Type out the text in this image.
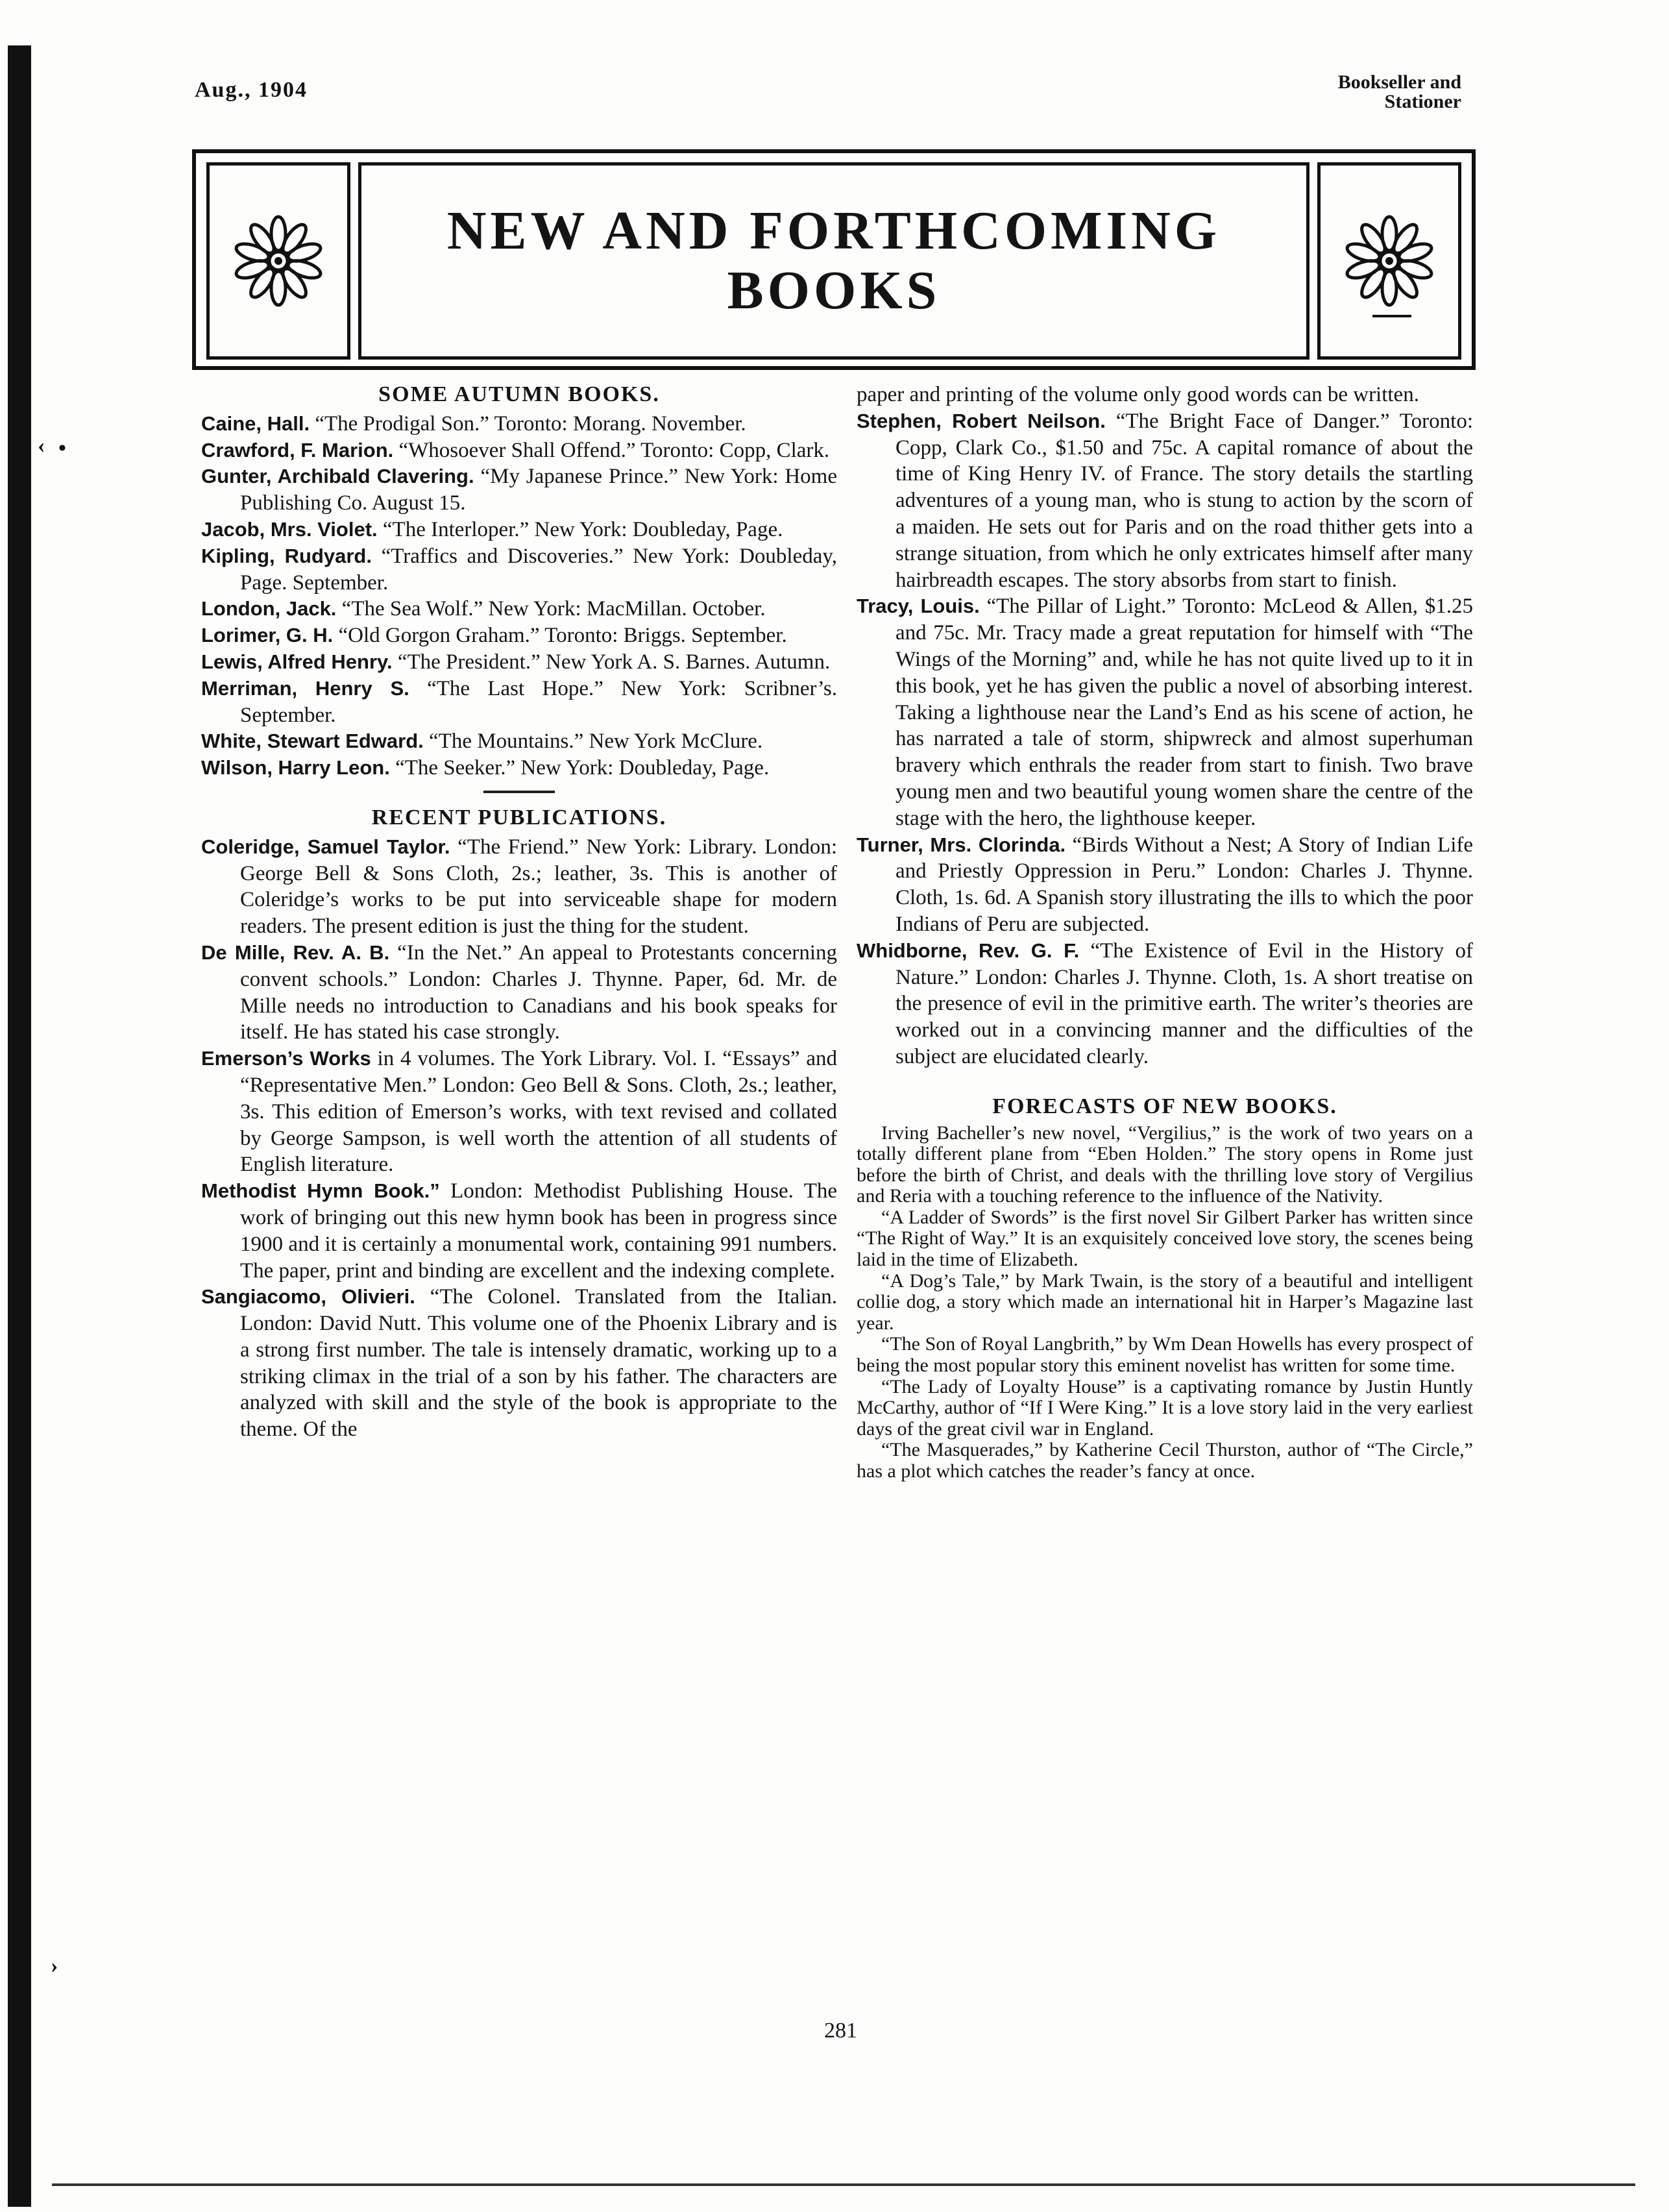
Aug., 1904	Bookseller and
Stationer
NEW AND FORTHCOMING
BOOKS
SOME AUTUMN BOOKS.

Caine, Hall. “The Prodigal Son.” Toronto: Morang. November.

Crawford, F. Marion. “Whosoever Shall Offend.” Toronto: Copp, Clark.

Gunter, Archibald Clavering. “My Japanese Prince.” New York: Home Publishing Co. August 15.

Jacob, Mrs. Violet. “The Interloper.” New York: Doubleday, Page.

Kipling, Rudyard. “Traffics and Discoveries.” New York: Doubleday, Page. September.

London, Jack. “The Sea Wolf.” New York: MacMillan. October.

Lorimer, G. H. “Old Gorgon Graham.” Toronto: Briggs. September.

Lewis, Alfred Henry. “The President.” New York A. S. Barnes. Autumn.

Merriman, Henry S. “The Last Hope.” New York: Scribner’s. September.

White, Stewart Edward. “The Mountains.” New York McClure.

Wilson, Harry Leon. “The Seeker.” New York: Doubleday, Page.

RECENT PUBLICATIONS.

Coleridge, Samuel Taylor. “The Friend.” New York: Library. London: George Bell & Sons Cloth, 2s.; leather, 3s. This is another of Coleridge’s works to be put into serviceable shape for modern readers. The present edition is just the thing for the student.

De Mille, Rev. A. B. “In the Net.” An appeal to Protestants concerning convent schools.” London: Charles J. Thynne. Paper, 6d. Mr. de Mille needs no introduction to Canadians and his book speaks for itself. He has stated his case strongly.

Emerson’s Works in 4 volumes. The York Library. Vol. I. “Essays” and “Representative Men.” London: Geo Bell & Sons. Cloth, 2s.; leather, 3s. This edition of Emerson’s works, with text revised and collated by George Sampson, is well worth the attention of all students of English literature.

Methodist Hymn Book.” London: Methodist Publishing House. The work of bringing out this new hymn book has been in progress since 1900 and it is certainly a monumental work, containing 991 numbers. The paper, print and binding are excellent and the indexing complete.

Sangiacomo, Olivieri. “The Colonel. Translated from the Italian. London: David Nutt. This volume one of the Phoenix Library and is a strong first number. The tale is intensely dramatic, working up to a striking climax in the trial of a son by his father. The characters are analyzed with skill and the style of the book is appropriate to the theme. Of the

paper and printing of the volume only good words can be written.

Stephen, Robert Neilson. “The Bright Face of Danger.” Toronto: Copp, Clark Co., $1.50 and 75c. A capital romance of about the time of King Henry IV. of France. The story details the startling adventures of a young man, who is stung to action by the scorn of a maiden. He sets out for Paris and on the road thither gets into a strange situation, from which he only extricates himself after many hairbreadth escapes. The story absorbs from start to finish.

Tracy, Louis. “The Pillar of Light.” Toronto: McLeod & Allen, $1.25 and 75c. Mr. Tracy made a great reputation for himself with “The Wings of the Morning” and, while he has not quite lived up to it in this book, yet he has given the public a novel of absorbing interest. Taking a lighthouse near the Land’s End as his scene of action, he has narrated a tale of storm, shipwreck and almost superhuman bravery which enthrals the reader from start to finish. Two brave young men and two beautiful young women share the centre of the stage with the hero, the lighthouse keeper.

Turner, Mrs. Clorinda. “Birds Without a Nest; A Story of Indian Life and Priestly Oppression in Peru.” London: Charles J. Thynne. Cloth, 1s. 6d. A Spanish story illustrating the ills to which the poor Indians of Peru are subjected.

Whidborne, Rev. G. F. “The Existence of Evil in the History of Nature.” London: Charles J. Thynne. Cloth, 1s. A short treatise on the presence of evil in the primitive earth. The writer’s theories are worked out in a convincing manner and the difficulties of the subject are elucidated clearly.

FORECASTS OF NEW BOOKS.

Irving Bacheller’s new novel, “Vergilius,” is the work of two years on a totally different plane from “Eben Holden.” The story opens in Rome just before the birth of Christ, and deals with the thrilling love story of Vergilius and Reria with a touching reference to the influence of the Nativity.

“A Ladder of Swords” is the first novel Sir Gilbert Parker has written since “The Right of Way.” It is an exquisitely conceived love story, the scenes being laid in the time of Elizabeth.

“A Dog’s Tale,” by Mark Twain, is the story of a beautiful and intelligent collie dog, a story which made an international hit in Harper’s Magazine last year.

“The Son of Royal Langbrith,” by Wm Dean Howells has every prospect of being the most popular story this eminent novelist has written for some time.

“The Lady of Loyalty House” is a captivating romance by Justin Huntly McCarthy, author of “If I Were King.” It is a love story laid in the very earliest days of the great civil war in England.

“The Masquerades,” by Katherine Cecil Thurston, author of “The Circle,” has a plot which catches the reader’s fancy at once.

281
‹ •
›
